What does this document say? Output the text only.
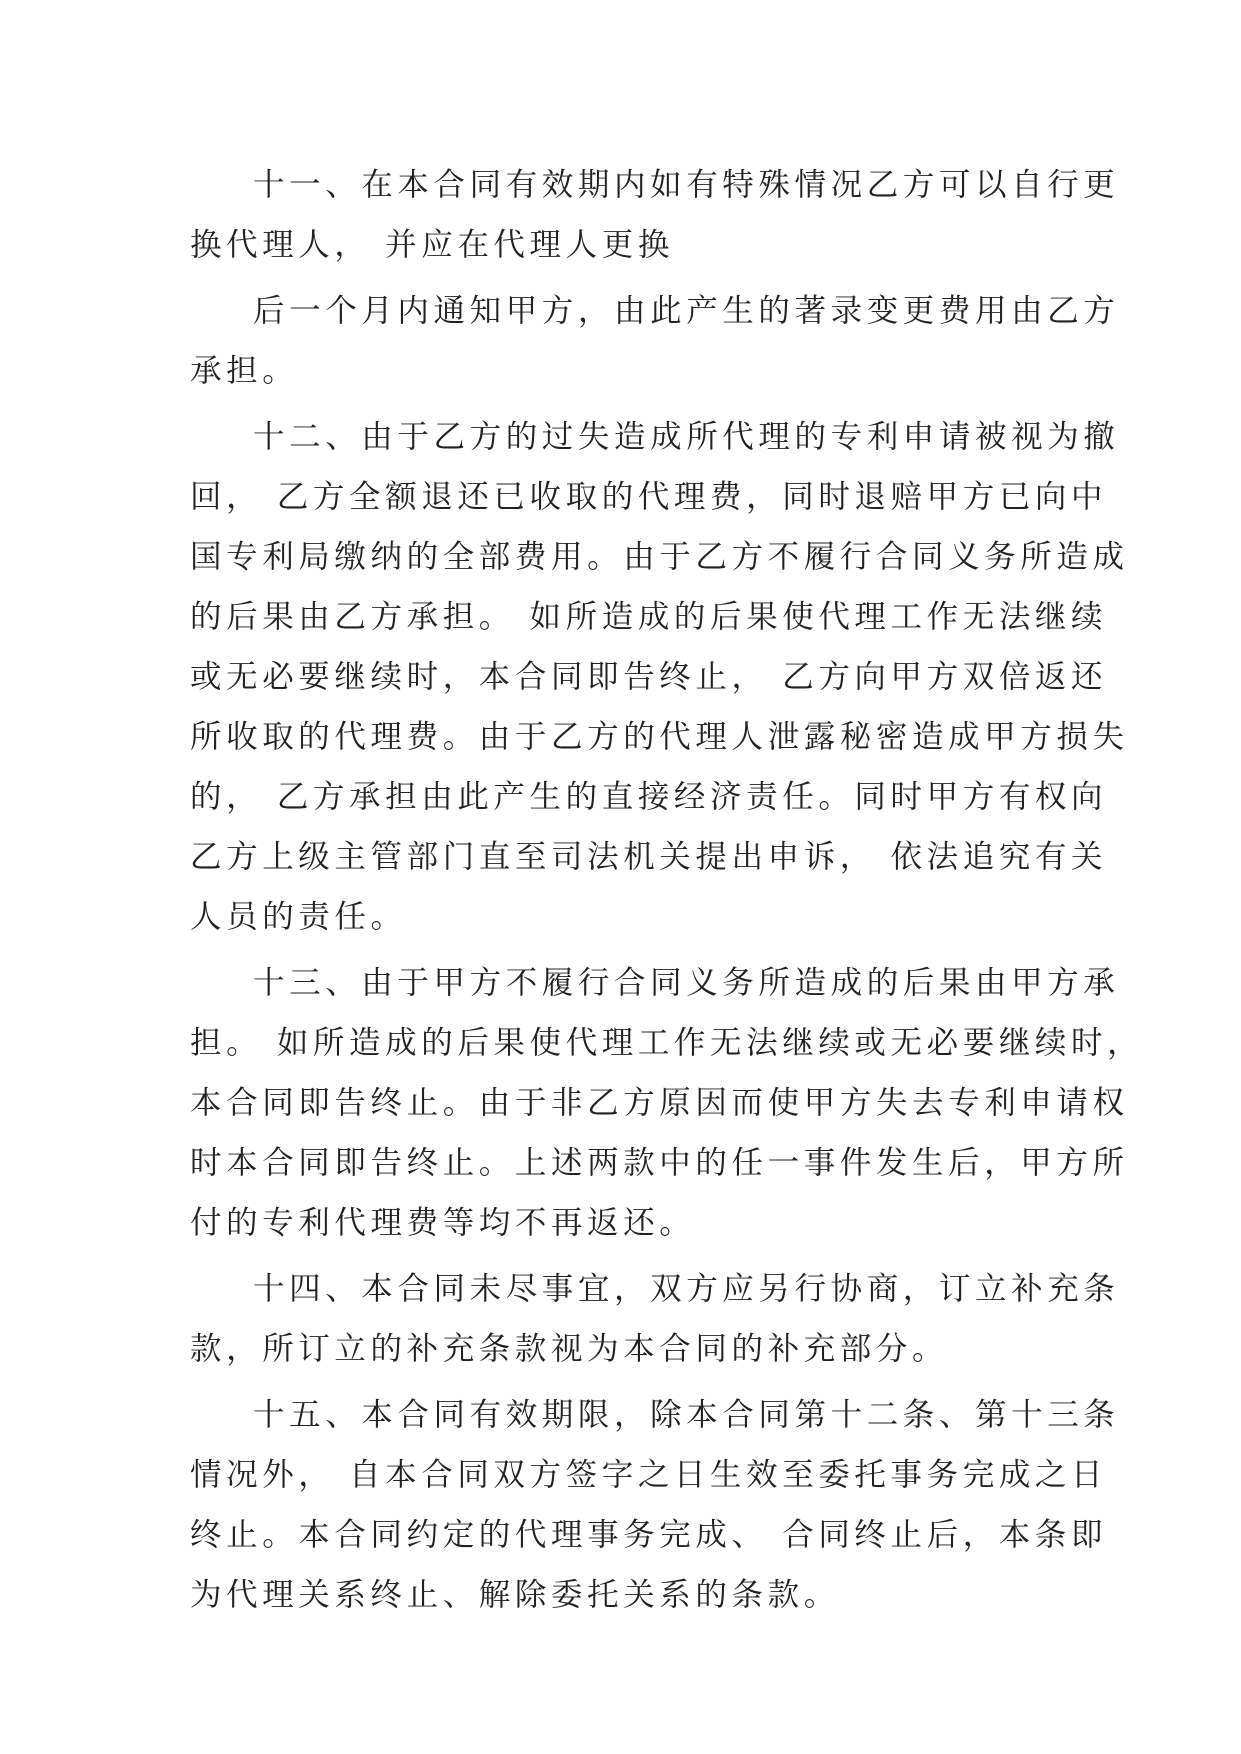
十一、在本合同有效期内如有特殊情况乙方可以自行更
换代理人， 并应在代理人更换
后一个月内通知甲方，由此产生的著录变更费用由乙方
承担。
十二、由于乙方的过失造成所代理的专利申请被视为撤
回， 乙方全额退还已收取的代理费，同时退赔甲方已向中
国专利局缴纳的全部费用。由于乙方不履行合同义务所造成
的后果由乙方承担。 如所造成的后果使代理工作无法继续
或无必要继续时，本合同即告终止， 乙方向甲方双倍返还
所收取的代理费。由于乙方的代理人泄露秘密造成甲方损失
的， 乙方承担由此产生的直接经济责任。同时甲方有权向
乙方上级主管部门直至司法机关提出申诉， 依法追究有关
人员的责任。
十三、由于甲方不履行合同义务所造成的后果由甲方承
担。 如所造成的后果使代理工作无法继续或无必要继续时，
本合同即告终止。由于非乙方原因而使甲方失去专利申请权
时本合同即告终止。上述两款中的任一事件发生后，甲方所
付的专利代理费等均不再返还。
十四、本合同未尽事宜，双方应另行协商，订立补充条
款，所订立的补充条款视为本合同的补充部分。
十五、本合同有效期限，除本合同第十二条、第十三条
情况外， 自本合同双方签字之日生效至委托事务完成之日
终止。本合同约定的代理事务完成、 合同终止后，本条即
为代理关系终止、解除委托关系的条款。
